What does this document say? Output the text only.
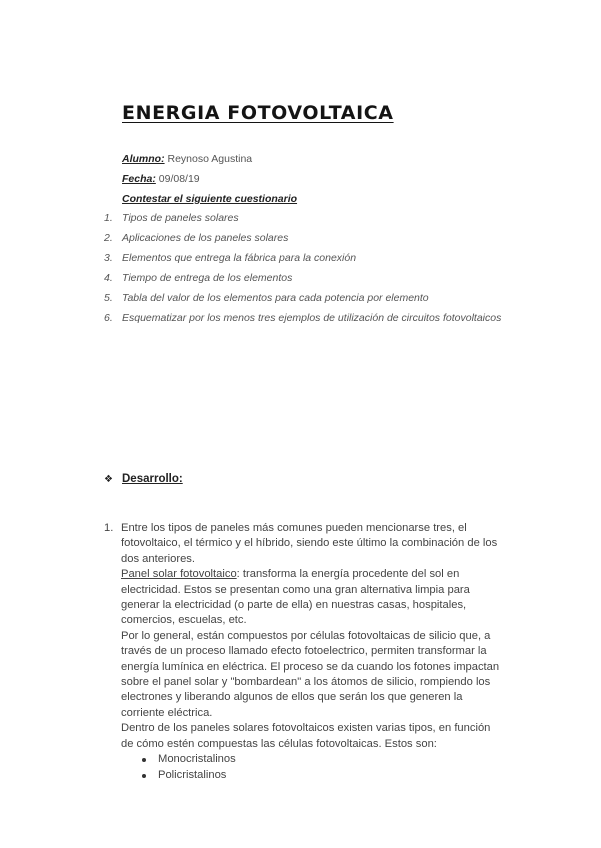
ENERGIA FOTOVOLTAICA
Alumno: Reynoso Agustina
Fecha: 09/08/19
Contestar el siguiente cuestionario
1. Tipos de paneles solares
2. Aplicaciones de los paneles solares
3. Elementos que entrega la fábrica para la conexión
4. Tiempo de entrega de los elementos
5. Tabla del valor de los elementos para cada potencia por elemento
6. Esquematizar por los menos tres ejemplos de utilización de circuitos fotovoltaicos
❖ Desarrollo:
1. Entre los tipos de paneles más comunes pueden mencionarse tres, el fotovoltaico, el térmico y el híbrido, siendo este último la combinación de los dos anteriores.

Panel solar fotovoltaico: transforma la energía procedente del sol en electricidad. Estos se presentan como una gran alternativa limpia para generar la electricidad (o parte de ella) en nuestras casas, hospitales, comercios, escuelas, etc.

Por lo general, están compuestos por células fotovoltaicas de silicio que, a través de un proceso llamado efecto fotoelectrico, permiten transformar la energía lumínica en eléctrica. El proceso se da cuando los fotones impactan sobre el panel solar y "bombardean" a los átomos de silicio, rompiendo los electrones y liberando algunos de ellos que serán los que generen la corriente eléctrica.

Dentro de los paneles solares fotovoltaicos existen varias tipos, en función de cómo estén compuestas las células fotovoltaicas. Estos son:

Monocristalinos
Policristalinos
